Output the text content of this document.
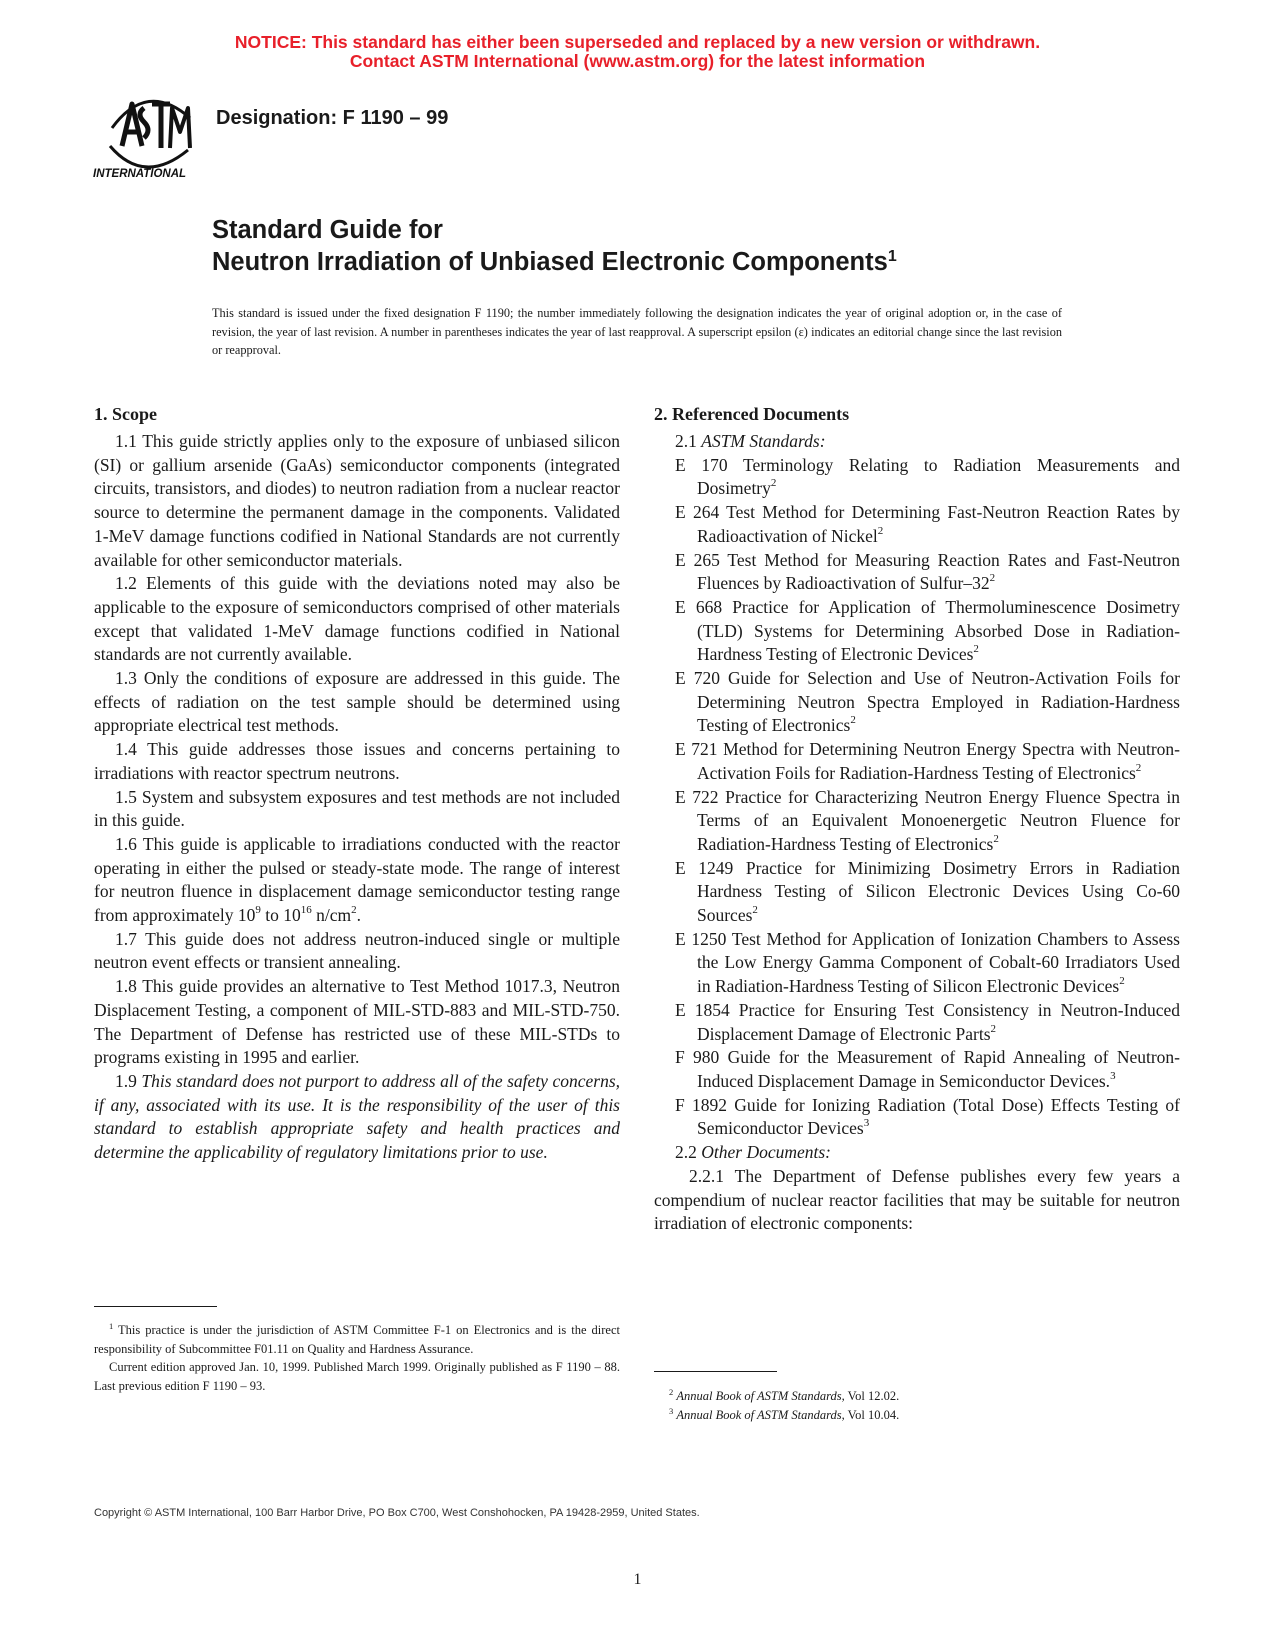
NOTICE: This standard has either been superseded and replaced by a new version or withdrawn.
Contact ASTM International (www.astm.org) for the latest information
INTERNATIONAL
Designation: F 1190 – 99
Standard Guide for
Neutron Irradiation of Unbiased Electronic Components$^1$
This standard is issued under the fixed designation F 1190; the number immediately following the designation indicates the year of original adoption or, in the case of revision, the year of last revision. A number in parentheses indicates the year of last reapproval. A superscript epsilon (ε) indicates an editorial change since the last revision or reapproval.
1. Scope

1.1 This guide strictly applies only to the exposure of unbiased silicon (SI) or gallium arsenide (GaAs) semiconductor components (integrated circuits, transistors, and diodes) to neutron radiation from a nuclear reactor source to determine the permanent damage in the components. Validated 1-MeV damage functions codified in National Standards are not currently available for other semiconductor materials.

1.2 Elements of this guide with the deviations noted may also be applicable to the exposure of semiconductors comprised of other materials except that validated 1-MeV damage functions codified in National standards are not currently available.

1.3 Only the conditions of exposure are addressed in this guide. The effects of radiation on the test sample should be determined using appropriate electrical test methods.

1.4 This guide addresses those issues and concerns pertaining to irradiations with reactor spectrum neutrons.

1.5 System and subsystem exposures and test methods are not included in this guide.

1.6 This guide is applicable to irradiations conducted with the reactor operating in either the pulsed or steady-state mode. The range of interest for neutron fluence in displacement damage semiconductor testing range from approximately $10^9$ to $10^{16}$ $n/cm^2$.

1.7 This guide does not address neutron-induced single or multiple neutron event effects or transient annealing.

1.8 This guide provides an alternative to Test Method 1017.3, Neutron Displacement Testing, a component of MIL-STD-883 and MIL-STD-750. The Department of Defense has restricted use of these MIL-STDs to programs existing in 1995 and earlier.

1.9 This standard does not purport to address all of the safety concerns, if any, associated with its use. It is the responsibility of the user of this standard to establish appropriate safety and health practices and determine the applicability of regulatory limitations prior to use.

2. Referenced Documents

2.1 ASTM Standards:

E 170 Terminology Relating to Radiation Measurements and Dosimetry$^2$

E 264 Test Method for Determining Fast-Neutron Reaction Rates by Radioactivation of Nickel$^2$

E 265 Test Method for Measuring Reaction Rates and Fast-Neutron Fluences by Radioactivation of Sulfur–$32^2$

E 668 Practice for Application of Thermoluminescence Dosimetry (TLD) Systems for Determining Absorbed Dose in Radiation-Hardness Testing of Electronic Devices$^2$

E 720 Guide for Selection and Use of Neutron-Activation Foils for Determining Neutron Spectra Employed in Radiation-Hardness Testing of Electronics$^2$

E 721 Method for Determining Neutron Energy Spectra with Neutron-Activation Foils for Radiation-Hardness Testing of Electronics$^2$

E 722 Practice for Characterizing Neutron Energy Fluence Spectra in Terms of an Equivalent Monoenergetic Neutron Fluence for Radiation-Hardness Testing of Electronics$^2$

E 1249 Practice for Minimizing Dosimetry Errors in Radiation Hardness Testing of Silicon Electronic Devices Using Co-60 Sources$^2$

E 1250 Test Method for Application of Ionization Chambers to Assess the Low Energy Gamma Component of Cobalt-60 Irradiators Used in Radiation-Hardness Testing of Silicon Electronic Devices$^2$

E 1854 Practice for Ensuring Test Consistency in Neutron-Induced Displacement Damage of Electronic Parts$^2$

F 980 Guide for the Measurement of Rapid Annealing of Neutron-Induced Displacement Damage in Semiconductor Devices.$^3$

F 1892 Guide for Ionizing Radiation (Total Dose) Effects Testing of Semiconductor Devices$^3$

2.2 Other Documents:

2.2.1 The Department of Defense publishes every few years a compendium of nuclear reactor facilities that may be suitable for neutron irradiation of electronic components:

$^1$ This practice is under the jurisdiction of ASTM Committee F-1 on Electronics and is the direct responsibility of Subcommittee F01.11 on Quality and Hardness Assurance.

Current edition approved Jan. 10, 1999. Published March 1999. Originally published as F 1190 – 88. Last previous edition F 1190 – 93.	$^2$ Annual Book of ASTM Standards, Vol 12.02.

$^3$ Annual Book of ASTM Standards, Vol 10.04.

Copyright © ASTM International, 100 Barr Harbor Drive, PO Box C700, West Conshohocken, PA 19428-2959, United States.
1
